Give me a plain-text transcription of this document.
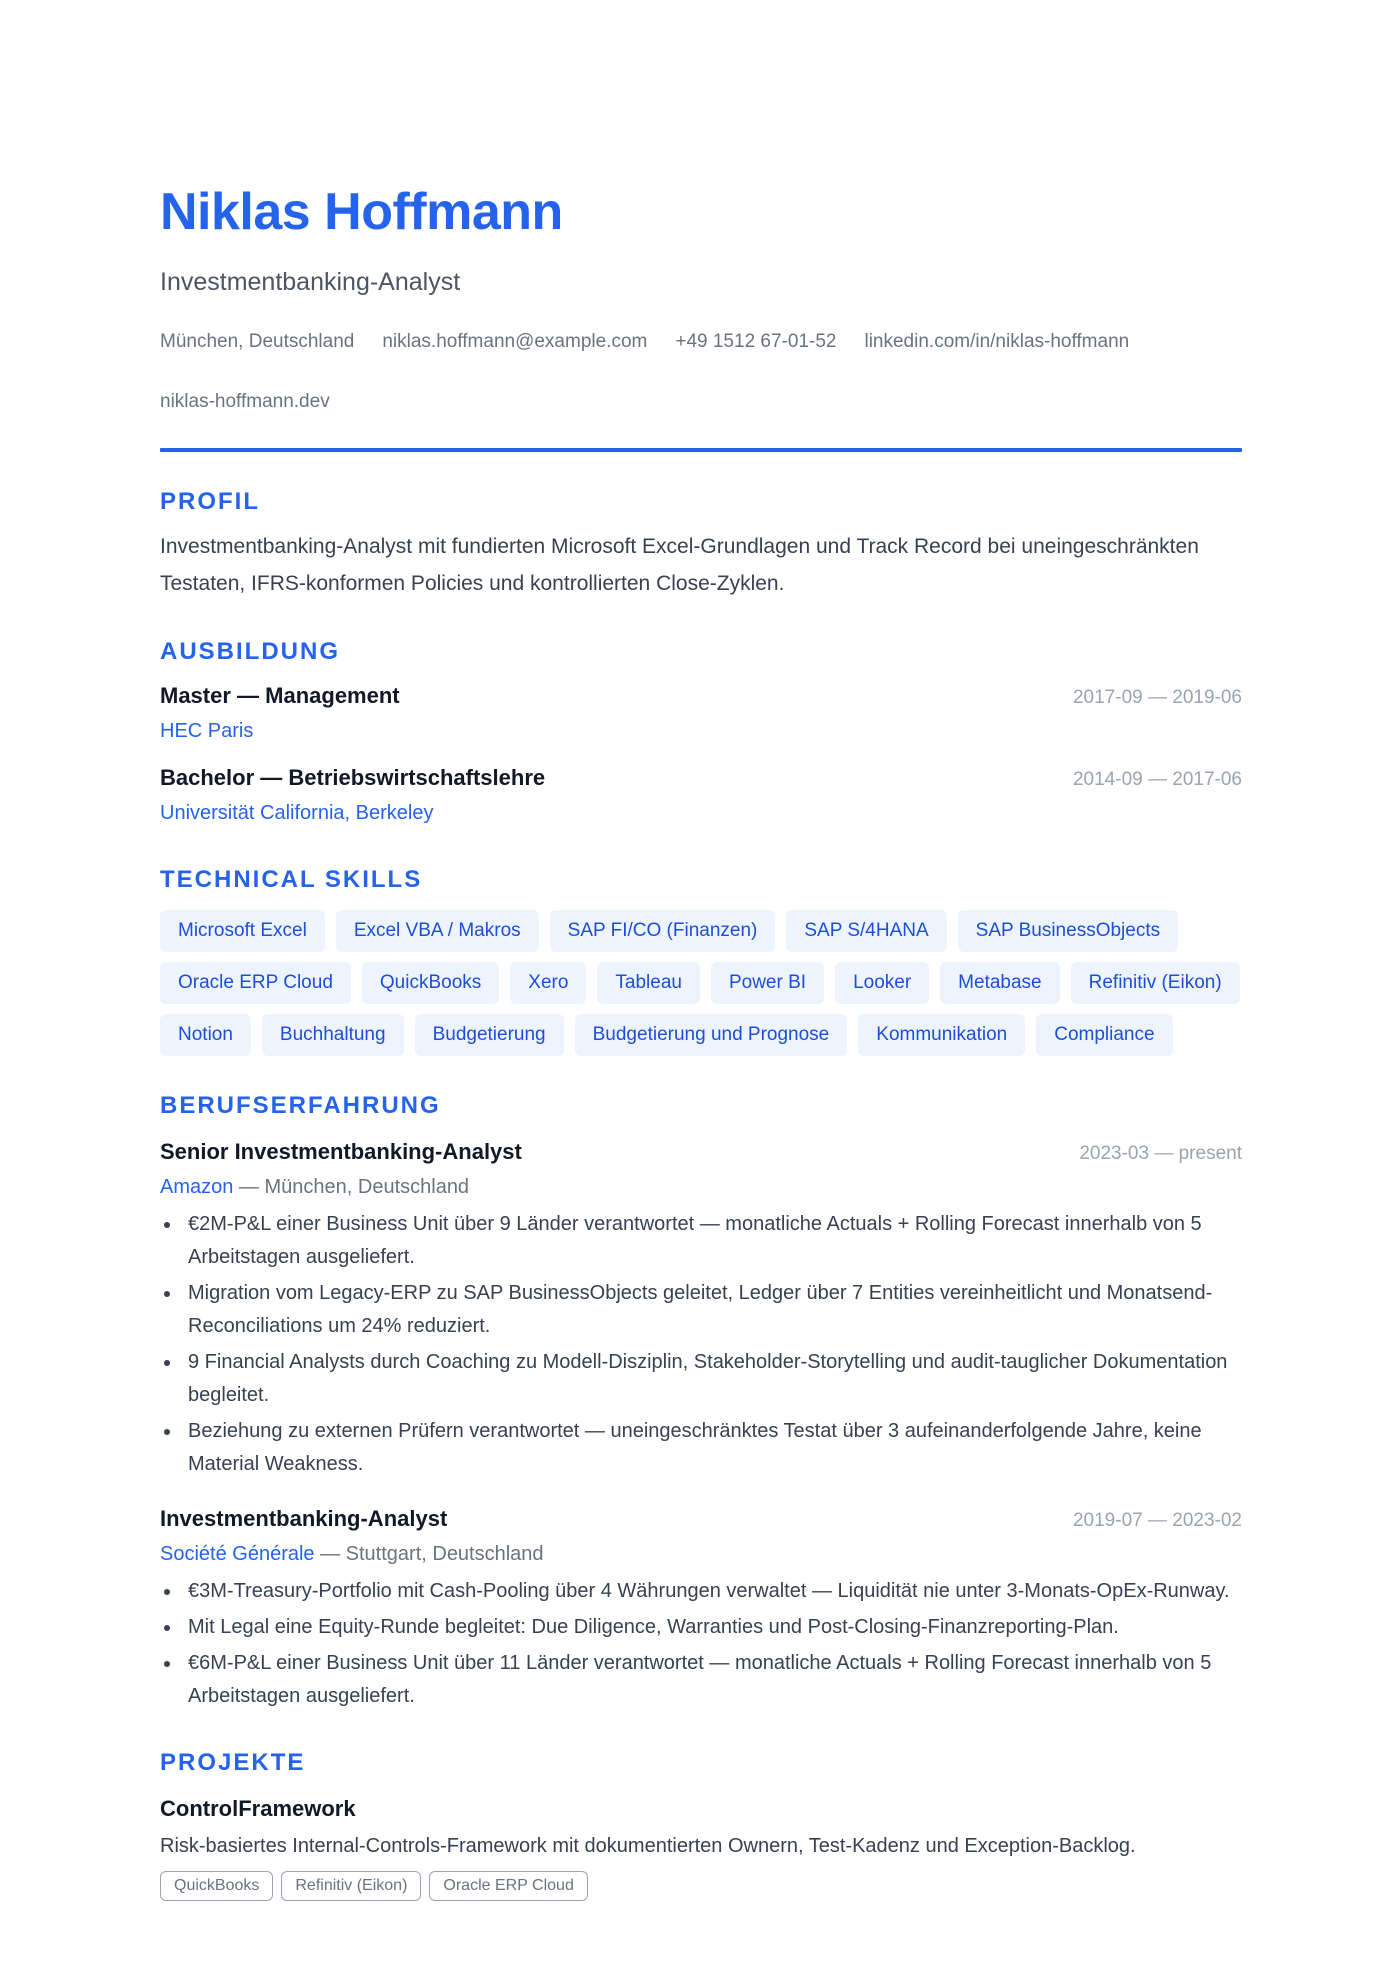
Niklas Hoffmann
Investmentbanking-Analyst
München, Deutschland niklas.hoffmann@example.com +49 1512 67-01-52 linkedin.com/in/niklas-hoffmann
niklas-hoffmann.dev
PROFIL
Investmentbanking-Analyst mit fundierten Microsoft Excel-Grundlagen und Track Record bei uneingeschränkten Testaten, IFRS-konformen Policies und kontrollierten Close-Zyklen.
AUSBILDUNG
Master — Management	2017-09 — 2019-06
HEC Paris
Bachelor — Betriebswirtschaftslehre	2014-09 — 2017-06
Universität California, Berkeley
TECHNICAL SKILLS
Microsoft Excel	Excel VBA / Makros	SAP FI/CO (Finanzen)	SAP S/4HANA	SAP BusinessObjects
Oracle ERP Cloud	QuickBooks	Xero	Tableau	Power BI	Looker	Metabase	Refinitiv (Eikon)
Notion	Buchhaltung	Budgetierung	Budgetierung und Prognose	Kommunikation	Compliance
BERUFSERFAHRUNG
Senior Investmentbanking-Analyst	2023-03 — present
Amazon — München, Deutschland
€2M-P&L einer Business Unit über 9 Länder verantwortet — monatliche Actuals + Rolling Forecast innerhalb von 5 Arbeitstagen ausgeliefert.
Migration vom Legacy-ERP zu SAP BusinessObjects geleitet, Ledger über 7 Entities vereinheitlicht und Monatsend-Reconciliations um 24% reduziert.
9 Financial Analysts durch Coaching zu Modell-Disziplin, Stakeholder-Storytelling und audit-tauglicher Dokumentation begleitet.
Beziehung zu externen Prüfern verantwortet — uneingeschränktes Testat über 3 aufeinanderfolgende Jahre, keine Material Weakness.
Investmentbanking-Analyst	2019-07 — 2023-02
Société Générale — Stuttgart, Deutschland
€3M-Treasury-Portfolio mit Cash-Pooling über 4 Währungen verwaltet — Liquidität nie unter 3-Monats-OpEx-Runway.
Mit Legal eine Equity-Runde begleitet: Due Diligence, Warranties und Post-Closing-Finanzreporting-Plan.
€6M-P&L einer Business Unit über 11 Länder verantwortet — monatliche Actuals + Rolling Forecast innerhalb von 5 Arbeitstagen ausgeliefert.
PROJEKTE
ControlFramework
Risk-basiertes Internal-Controls-Framework mit dokumentierten Ownern, Test-Kadenz und Exception-Backlog.
QuickBooks	Refinitiv (Eikon)	Oracle ERP Cloud
